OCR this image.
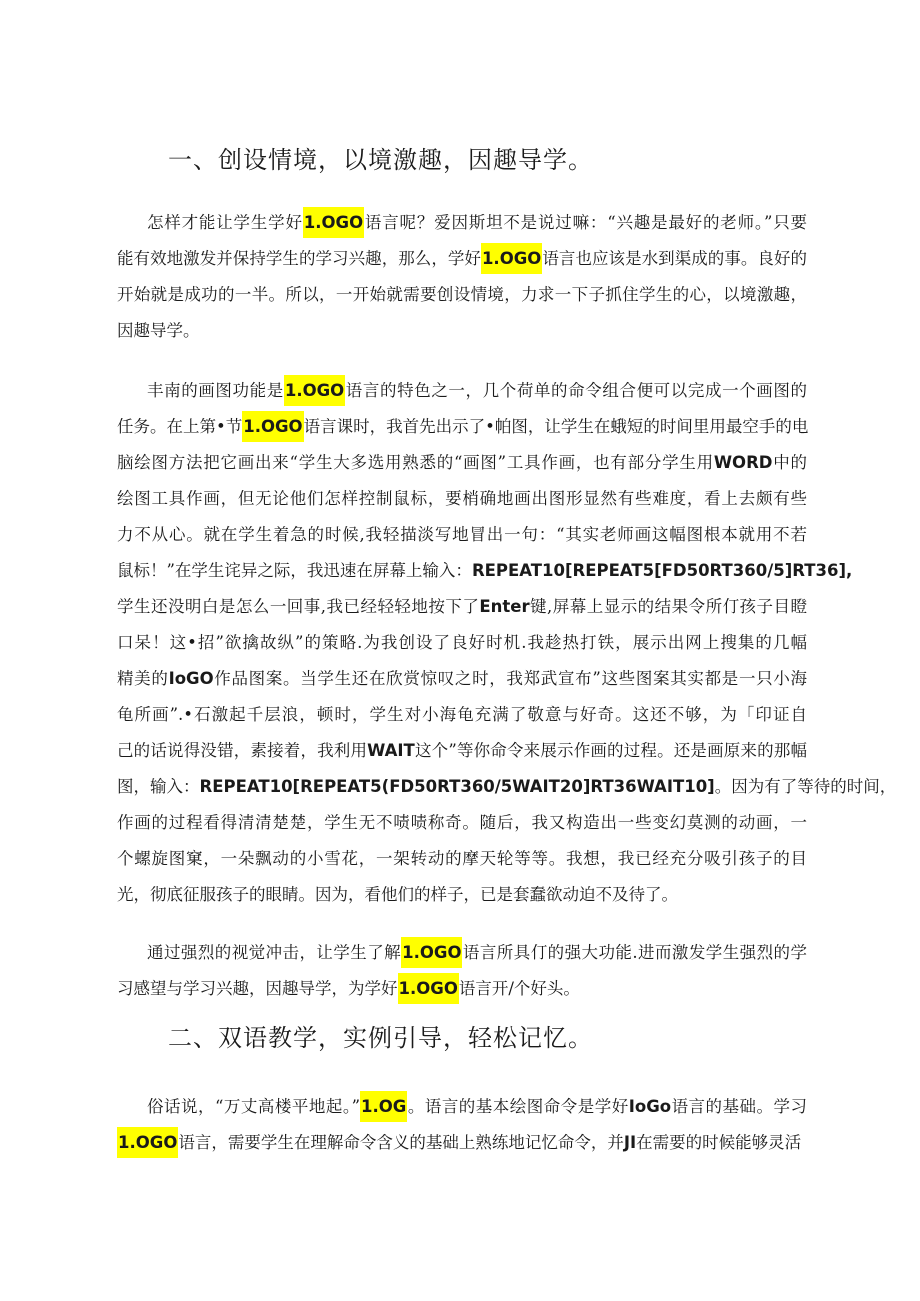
一、创设情境，以境激趣，因趣导学。
怎样才能让学生学好1.OGO语言呢？爱因斯坦不是说过嘛：“兴趣是最好的老师。”只要
能有效地激发并保持学生的学习兴趣，那么，学好1.OGO语言也应该是水到渠成的事。良好的
开始就是成功的一半。所以，一开始就需要创设情境，力求一下子抓住学生的心，以境激趣，
因趣导学。
丰南的画图功能是1.OGO语言的特色之一，几个荷单的命令组合便可以完成一个画图的
任务。在上第•节1.OGO语言课时，我首先出示了•帕图，让学生在蛾短的时间里用最空手的电
脑绘图方法把它画出来“学生大多选用熟悉的“画图”工具作画，也有部分学生用WORD中的
绘图工具作画，但无论他们怎样控制鼠标，要梢确地画出图形显然有些难度，看上去颇有些
力不从心。就在学生着急的时候,我轻描淡写地冒出一句：“其实老师画这幅图根本就用不若
鼠标！”在学生诧异之际，我迅速在屏幕上输入：REPEAT10[REPEAT5[FD50RT360/5]RT36],
学生还没明白是怎么一回事,我已经轻轻地按下了Enter键,屏幕上显示的结果令所仃孩子目瞪
口呆！这•招”欲擒故纵”的策略.为我创设了良好时机.我趁热打铁，展示出网上搜集的几幅
精美的IoGO作品图案。当学生还在欣赏惊叹之时，我郑武宣布”这些图案其实都是一只小海
龟所画”.•石激起千层浪，顿时，学生对小海龟充满了敬意与好奇。这还不够，为「印证自
己的话说得没错，素接着，我利用WAIT这个”等你命令来展示作画的过程。还是画原来的那幅
图，输入：REPEAT10[REPEAT5(FD50RT360/5WAIT20]RT36WAIT10]。因为有了等待的时间，
作画的过程看得清清楚楚，学生无不啧啧称奇。随后，我又构造出一些变幻莫测的动画，一
个螺旋图窠，一朵飘动的小雪花，一架转动的摩天轮等等。我想，我已经充分吸引孩子的目
光，彻底征服孩子的眼睛。因为，看他们的样子，已是套蠢欲动迫不及待了。
通过强烈的视觉冲击，让学生了解1.OGO语言所具仃的强大功能.进而激发学生强烈的学
习感望与学习兴趣，因趣导学，为学好1.OGO语言开/个好头。
二、双语教学，实例引导，轻松记忆。
俗话说，“万丈高楼平地起。”1.OG。语言的基本绘图命令是学好IoGo语言的基础。学习
1.OGO语言，需要学生在理解命令含义的基础上熟练地记忆命令，并JI在需要的时候能够灵活
